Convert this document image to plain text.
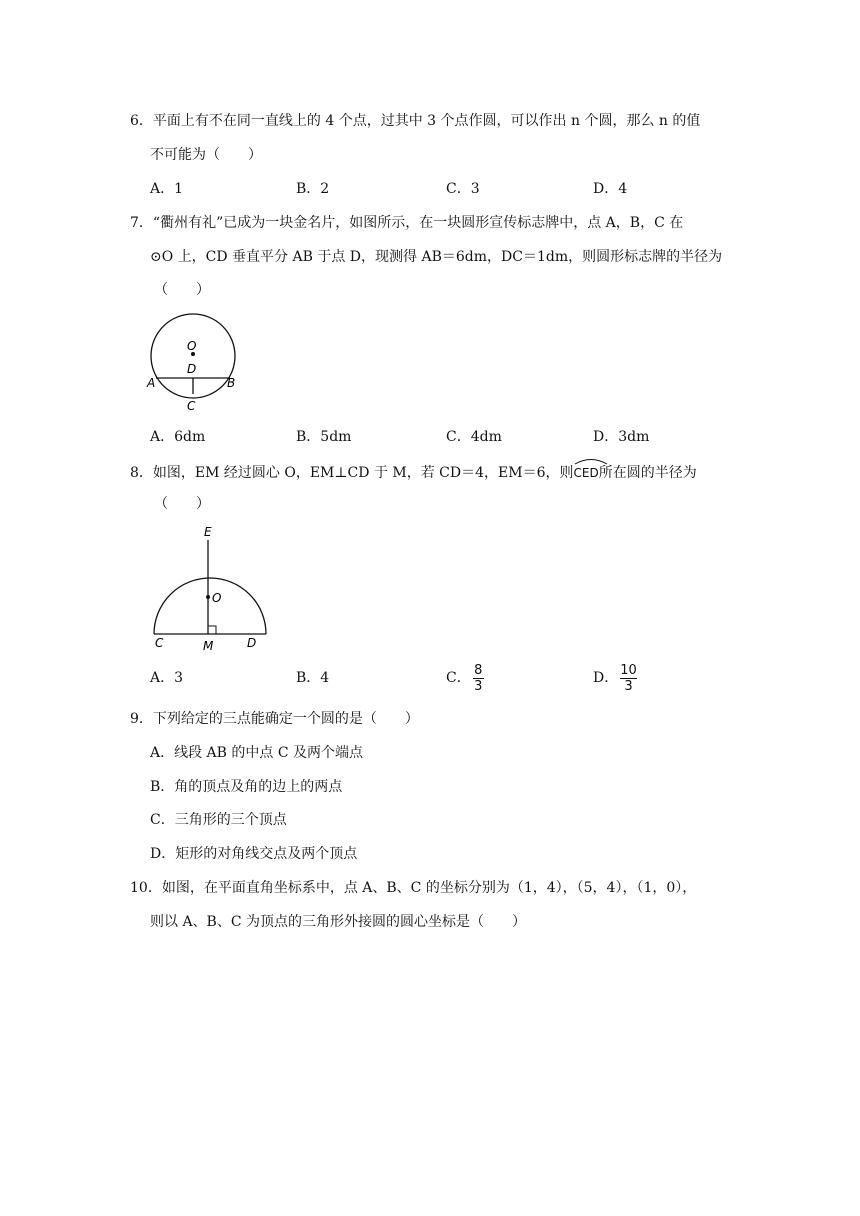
6．平面上有不在同一直线上的 4 个点，过其中 3 个点作圆，可以作出 n 个圆，那么 n 的值
不可能为（　　）
A．1	B．2	C．3	D．4
7．“衢州有礼”已成为一块金名片，如图所示，在一块圆形宣传标志牌中，点 A，B，C 在
⊙O 上，CD 垂直平分 AB 于点 D，现测得 AB＝6dm，DC＝1dm，则圆形标志牌的半径为
（　　）
O
D
A	B
C
A．6dm	B．5dm	C．4dm	D．3dm
8．如图，EM 经过圆心 O，EM⊥CD 于 M，若 CD＝4，EM＝6，则
CED所在圆的半径为
（　　）
E
O
C	M	D
A．3	B．4	C． $\frac{8}{3}$	D． $\frac{10}{3}$
9．下列给定的三点能确定一个圆的是（　　）
A．线段 AB 的中点 C 及两个端点
B．角的顶点及角的边上的两点
C．三角形的三个顶点
D．矩形的对角线交点及两个顶点
10．如图，在平面直角坐标系中，点 A、B、C 的坐标分别为（1，4），（5，4），（1，0），
则以 A、B、C 为顶点的三角形外接圆的圆心坐标是（　　）
